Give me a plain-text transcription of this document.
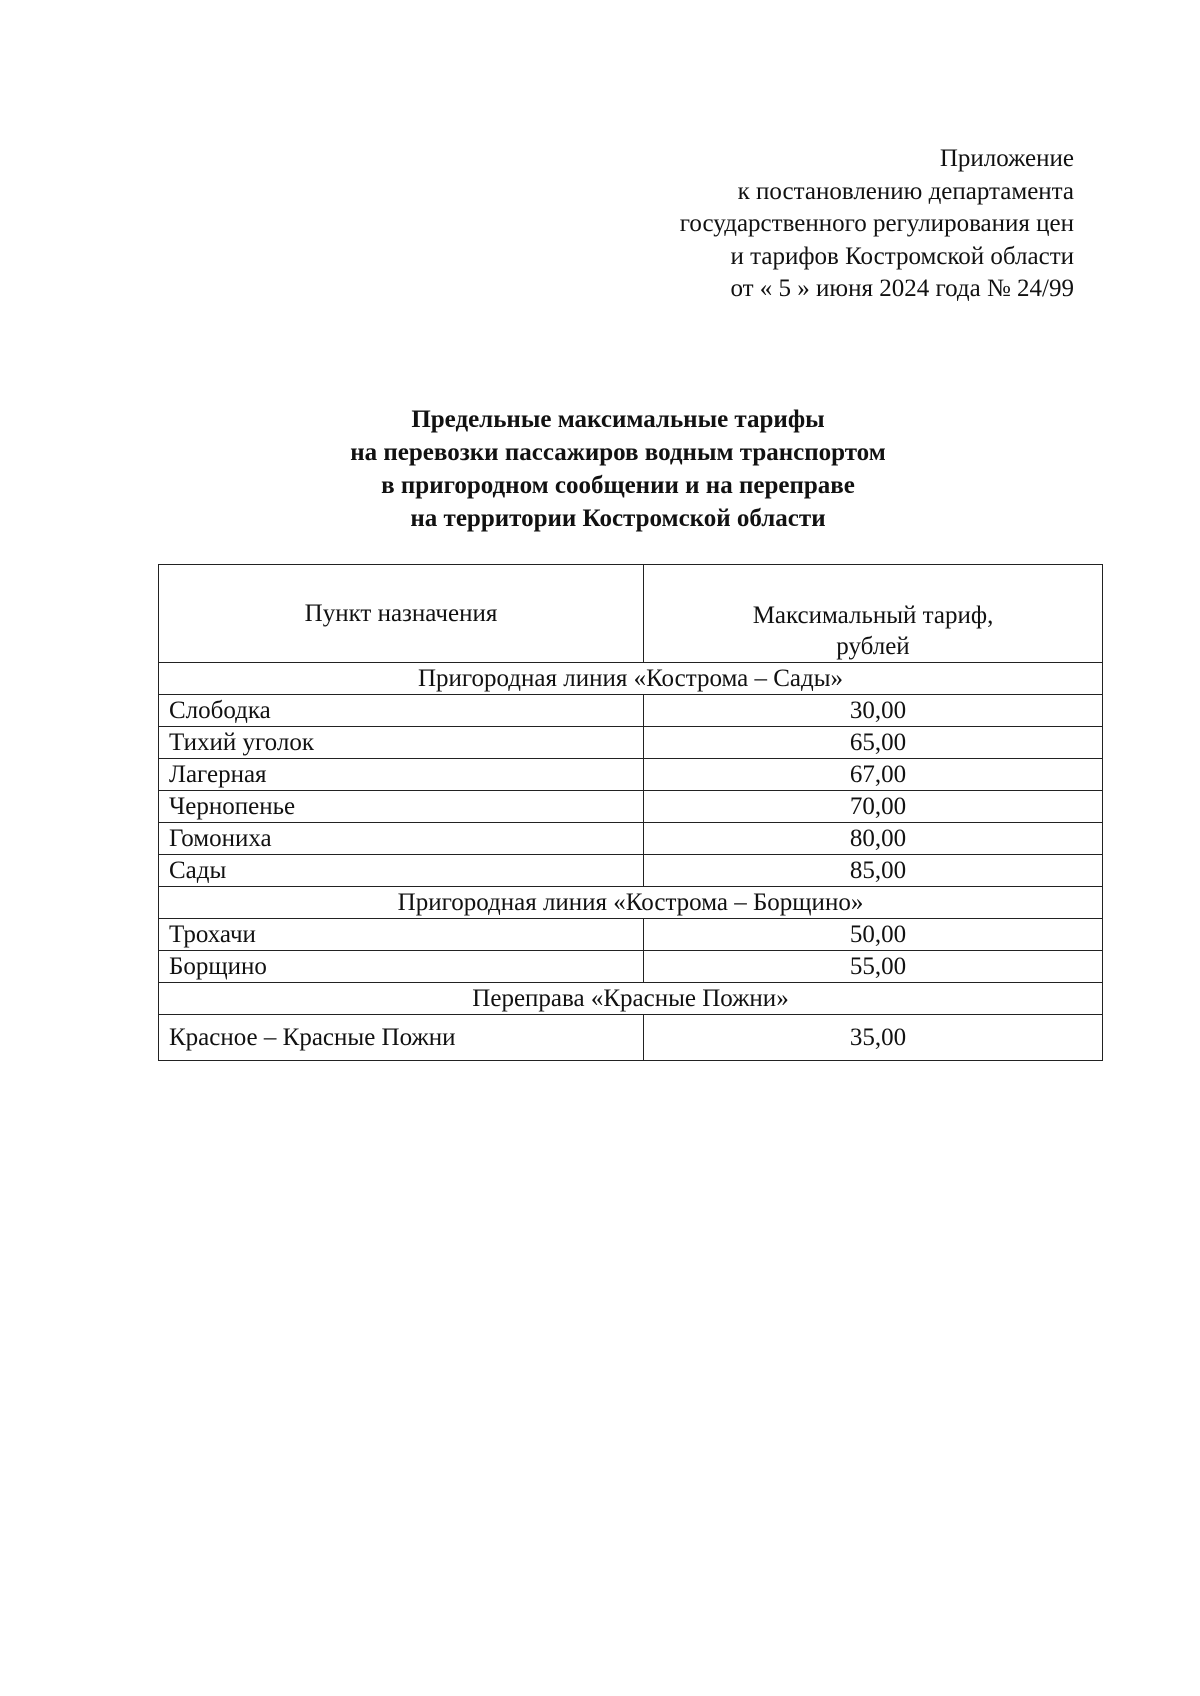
Приложение
к постановлению департамента
государственного регулирования цен
и тарифов Костромской области
от « 5 » июня 2024 года № 24/99
Предельные максимальные тарифы
на перевозки пассажиров водным транспортом
в пригородном сообщении и на переправе
на территории Костромской области
Пункт назначения	Максимальный тариф,
рублей

Пригородная линия «Кострома – Сады»	
Слободка	30,00
Тихий уголок	65,00
Лагерная	67,00
Чернопенье	70,00
Гомониха	80,00
Сады	85,00
Пригородная линия «Кострома – Борщино»	
Трохачи	50,00
Борщино	55,00
Переправа «Красные Пожни»	
Красное – Красные Пожни	35,00
